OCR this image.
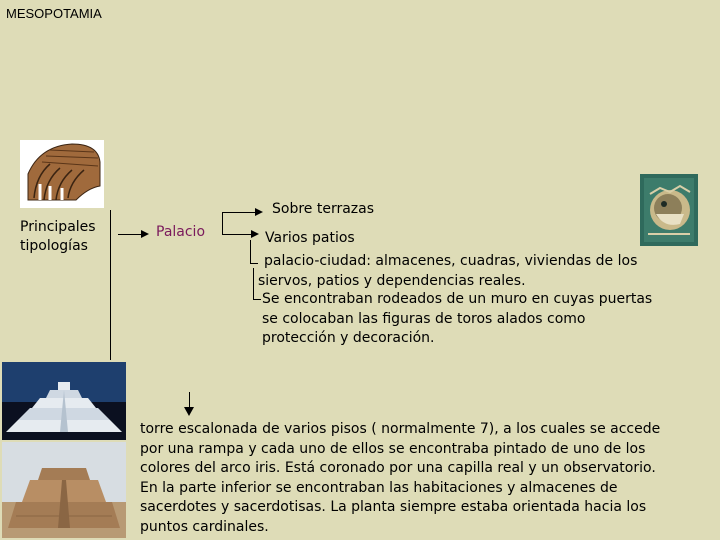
MESOPOTAMIA
Principales
tipologías
Palacio
Sobre terrazas
Varios patios
palacio-ciudad: almacenes, cuadras, viviendas de los
siervos, patios y dependencias reales.
Se encontraban rodeados de un muro en cuyas puertas
se colocaban las figuras de toros alados como
protección y decoración.
torre escalonada de varios pisos ( normalmente 7), a los cuales se accede
por una rampa y cada uno de ellos se encontraba pintado de uno de los
colores del arco iris. Está coronado por una capilla real y un observatorio.
En la parte inferior se encontraban las habitaciones y almacenes de
sacerdotes y sacerdotisas. La planta siempre estaba orientada hacia los
puntos cardinales.
